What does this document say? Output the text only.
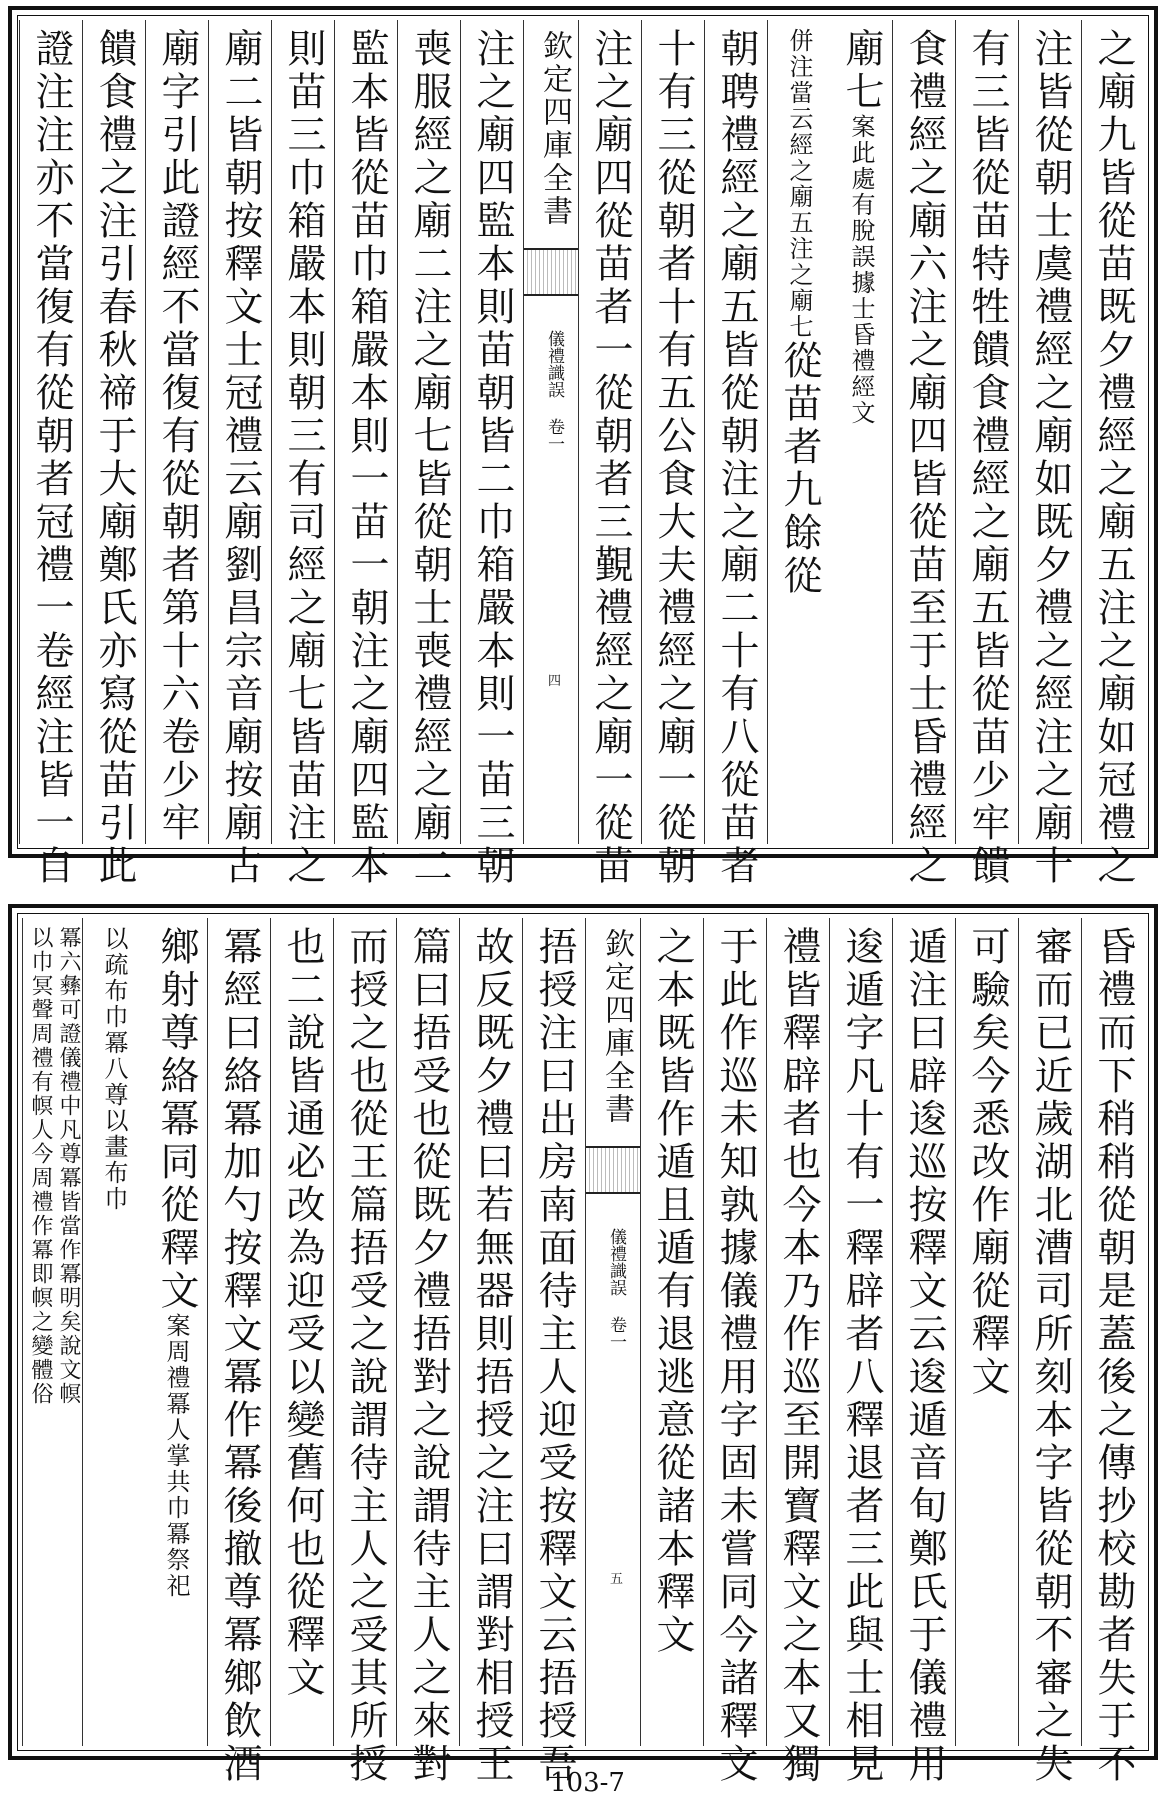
之廟九皆從苗既夕禮經之廟五注之廟如冠禮之
注皆從朝士虞禮經之廟如既夕禮之經注之廟十
有三皆從苗特牲饋食禮經之廟五皆從苗少牢饋
食禮經之廟六注之廟四皆從苗至于士昏禮經之
廟七案此處有脫誤據士昏禮經文
併注當云經之廟五注之廟七從苗者九餘從
朝聘禮經之廟五皆從朝注之廟二十有八從苗者
十有三從朝者十有五公食大夫禮經之廟一從朝
注之廟四從苗者一從朝者三覲禮經之廟一從苗
欽定四庫全書
儀禮識誤 卷一
四
注之廟四監本則苗朝皆二巾箱嚴本則一苗三朝
喪服經之廟二注之廟七皆從朝士喪禮經之廟二
監本皆從苗巾箱嚴本則一苗一朝注之廟四監本
則苗三巾箱嚴本則朝三有司經之廟七皆苗注之
廟二皆朝按釋文士冠禮云廟劉昌宗音廟按廟古
廟字引此證經不當復有從朝者第十六卷少牢
饋食禮之注引春秋禘于大廟鄭氏亦寫從苗引此
證注注亦不當復有從朝者冠禮一卷經注皆一自
昏禮而下稍稍從朝是蓋後之傳抄校勘者失于不
審而已近歲湖北漕司所刻本字皆從朝不審之失
可驗矣今悉改作廟從釋文
遁注曰辟逡巡按釋文云逡遁音旬鄭氏于儀禮用
逡遁字凡十有一釋辟者八釋退者三此與士相見
禮皆釋辟者也今本乃作巡至開寶釋文之本又獨
于此作巡未知孰據儀禮用字固未嘗同今諸釋文
之本既皆作遁且遁有退逃意從諸本釋文
欽定四庫全書
儀禮識誤 卷一
五
捂授注曰出房南面待主人迎受按釋文云捂授吾
故反既夕禮曰若無器則捂授之注曰謂對相授王
篇曰捂受也從既夕禮捂對之說謂待主人之來對
而授之也從王篇捂受之說謂待主人之受其所授
也二說皆通必改為迎受以變舊何也從釋文
冪經曰絡冪加勺按釋文冪作冪後撤尊冪鄉飲酒
鄉射尊絡冪同從釋文案周禮冪人掌共巾冪祭祀
以疏布巾冪八尊以畫布巾
冪六彝可證儀禮中凡尊冪皆當作冪明矣說文幎
以巾冥聲周禮有幎人今周禮作冪即幎之變體俗
103-7
